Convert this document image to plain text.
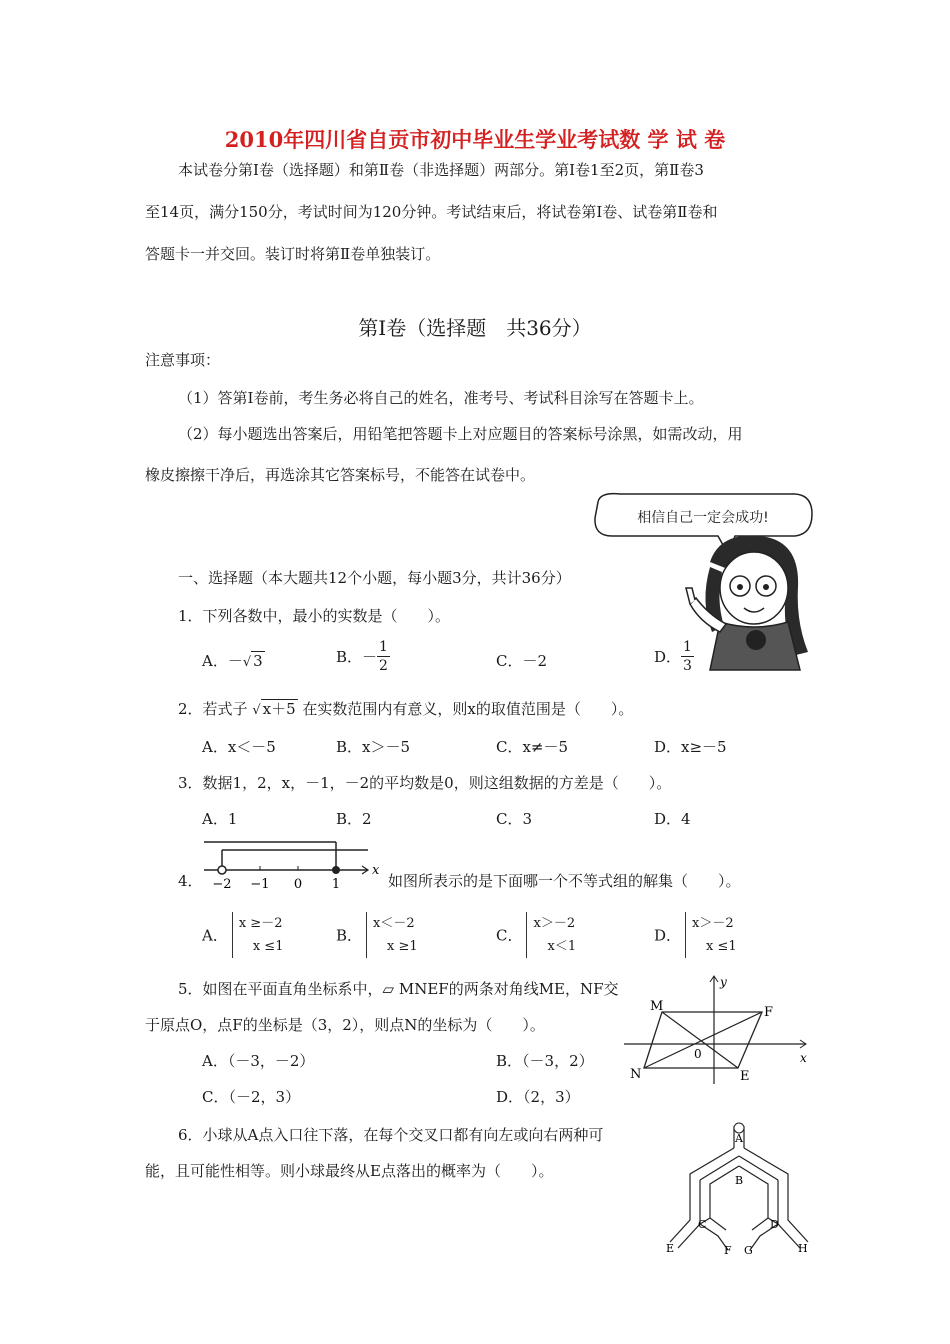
2010年四川省自贡市初中毕业生学业考试数 学 试 卷
本试卷分第Ⅰ卷（选择题）和第Ⅱ卷（非选择题）两部分。第Ⅰ卷1至2页，第Ⅱ卷3
至14页，满分150分，考试时间为120分钟。考试结束后，将试卷第Ⅰ卷、试卷第Ⅱ卷和
答题卡一并交回。装订时将第Ⅱ卷单独装订。
第Ⅰ卷（选择题　共36分）
注意事项：
（1）答第Ⅰ卷前，考生务必将自己的姓名，准考号、考试科目涂写在答题卡上。
（2）每小题选出答案后，用铅笔把答题卡上对应题目的答案标号涂黑，如需改动，用
橡皮擦擦干净后，再选涂其它答案标号，不能答在试卷中。
相信自己一定会成功!
一、选择题（本大题共12个小题，每小题3分，共计36分）
1．下列各数中，最小的实数是（　　）。
A．－√ 3	B．－ $\frac{1}{2}$	C．－2	D． $\frac{1}{3}$
2．若式子 √ x＋5 在实数范围内有意义，则x的取值范围是（　　）。
A．x＜－5	B．x＞－5	C．x≠－5	D．x≥－5
3．数据1，2，x，－1，－2的平均数是0，则这组数据的方差是（　　）。
A．1	B．2	C．3	D．4
4． −2 −1 0 1
x
如图所表示的是下面哪一个不等式组的解集（　　）。
A．
x ≥－2
x ≤1
B．
x＜－2
x ≥1
C．
x＞－2
x＜1
D．
x＞－2
x ≤1
5．如图在平面直角坐标系中，▱ MNEF的两条对角线ME，NF交
于原点O，点F的坐标是（3，2），则点N的坐标为（　　）。
A．（－3，－2）	B．（－3，2）
C．（－2，3）	D．（2，3）
M	F
N	E
0	x
y
6．小球从A点入口往下落，在每个交叉口都有向左或向右两种可
能，且可能性相等。则小球最终从E点落出的概率为（　　）。
A
B
C	D
E	F G	H
